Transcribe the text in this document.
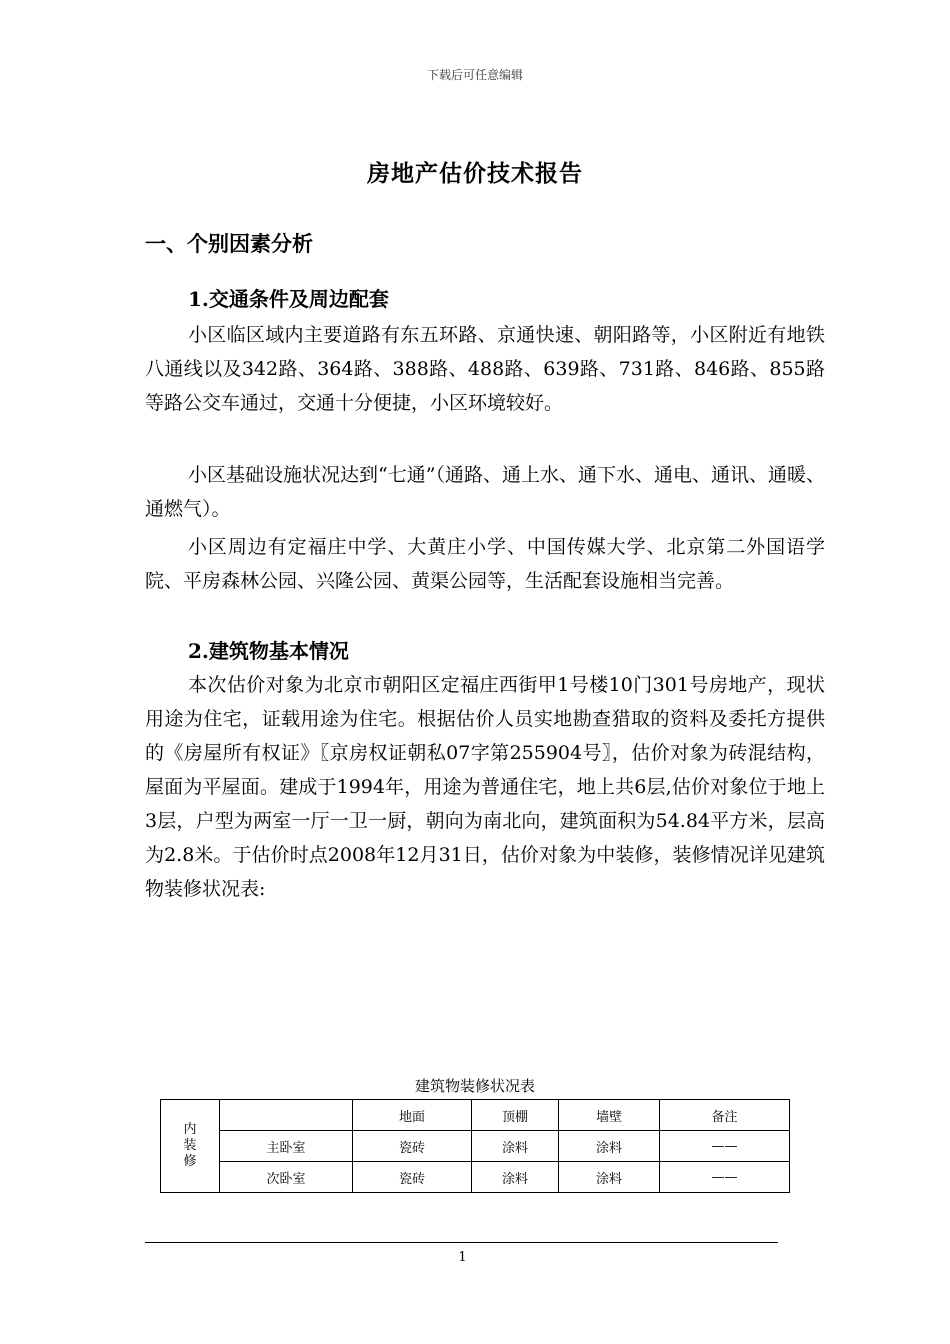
下载后可任意编辑
房地产估价技术报告
一、个别因素分析
1.交通条件及周边配套
小区临区域内主要道路有东五环路、京通快速、朝阳路等，小区附近有地铁八通线以及342路、364路、388路、488路、639路、731路、846路、855路等路公交车通过，交通十分便捷，小区环境较好。
小区基础设施状况达到“七通”（通路、通上水、通下水、通电、通讯、通暖、通燃气）。
小区周边有定福庄中学、大黄庄小学、中国传媒大学、北京第二外国语学院、平房森林公园、兴隆公园、黄渠公园等，生活配套设施相当完善。
2.建筑物基本情况
本次估价对象为北京市朝阳区定福庄西街甲1号楼10门301号房地产，现状用途为住宅，证载用途为住宅。根据估价人员实地勘查猎取的资料及委托方提供的《房屋所有权证》〖京房权证朝私07字第255904号〗，估价对象为砖混结构，屋面为平屋面。建成于1994年，用途为普通住宅，地上共6层,估价对象位于地上3层，户型为两室一厅一卫一厨，朝向为南北向，建筑面积为54.84平方米，层高为2.8米。于估价时点2008年12月31日，估价对象为中装修，装修情况详见建筑物装修状况表:
建筑物装修状况表
内
装
修		地面	顶棚	墙壁	备注
	主卧室	瓷砖	涂料	涂料	——
	次卧室	瓷砖	涂料	涂料	——
1
